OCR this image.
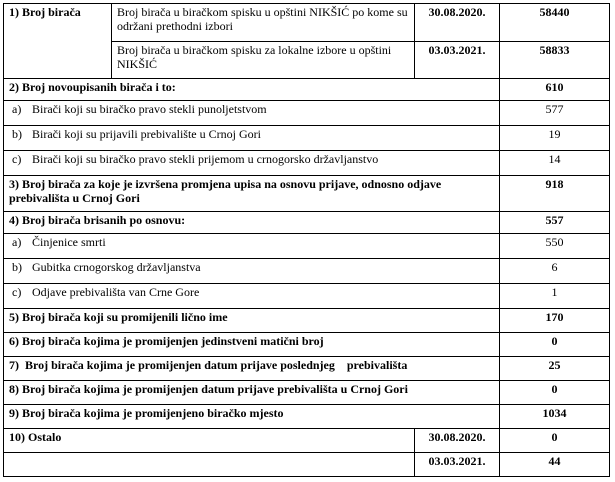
1) Broj birača	Broj birača u biračkom spisku u opštini NIKŠIĆ po kome su održani prethodni izbori	30.08.2020.	58440
	Broj birača u biračkom spisku za lokalne izbore u opštini NIKŠIĆ	03.03.2021.	58833
2) Broj novoupisanih birača i to:			610
a) Birači koji su biračko pravo stekli punoljetstvom			577
b) Birači koji su prijavili prebivalište u Crnoj Gori			19
c) Birači koji su biračko pravo stekli prijemom u crnogorsko državljanstvo			14
3) Broj birača za koje je izvršena promjena upisa na osnovu prijave, odnosno odjave prebivališta u Crnoj Gori			918
4) Broj birača brisanih po osnovu:			557
a) Činjenice smrti			550
b) Gubitka crnogorskog državljanstva			6
c) Odjave prebivališta van Crne Gore			1
5) Broj birača koji su promijenili lično ime			170
6) Broj birača kojima je promijenjen jedinstveni matični broj			0
7)  Broj birača kojima je promijenjen datum prijave poslednjeg    prebivališta			25
8) Broj birača kojima je promijenjen datum prijave prebivališta u Crnoj Gori			0
9) Broj birača kojima je promijenjeno biračko mjesto			1034
10) Ostalo		30.08.2020.	0
		03.03.2021.	44
